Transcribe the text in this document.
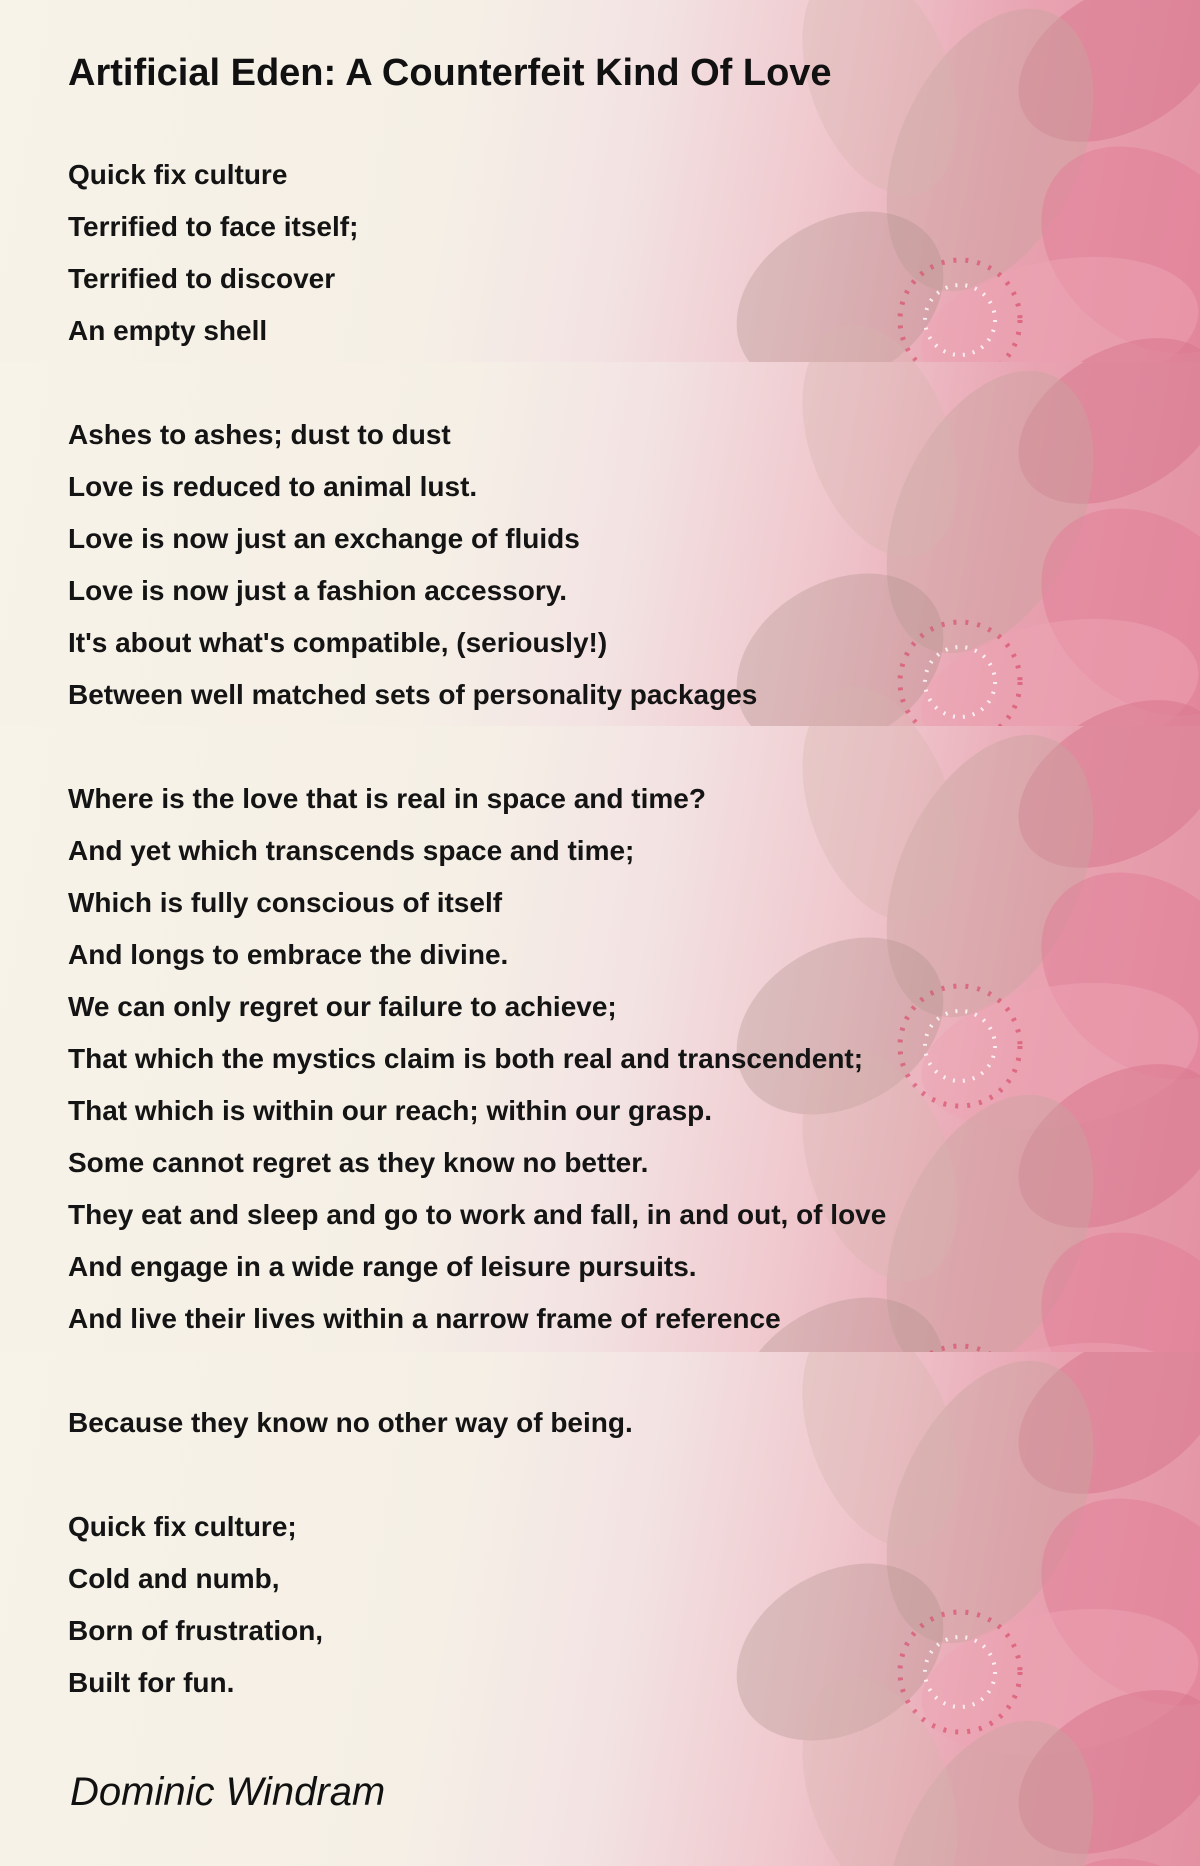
Artificial Eden: A Counterfeit Kind Of Love

Quick fix culture

Terrified to face itself;

Terrified to discover

An empty shell

Ashes to ashes; dust to dust

Love is reduced to animal lust.

Love is now just an exchange of fluids

Love is now just a fashion accessory.

It's about what's compatible, (seriously!)

Between well matched sets of personality packages

Where is the love that is real in space and time?

And yet which transcends space and time;

Which is fully conscious of itself

And longs to embrace the divine.

We can only regret our failure to achieve;

That which the mystics claim is both real and transcendent;

That which is within our reach; within our grasp.

Some cannot regret as they know no better.

They eat and sleep and go to work and fall, in and out, of love

And engage in a wide range of leisure pursuits.

And live their lives within a narrow frame of reference

Because they know no other way of being.

Quick fix culture;

Cold and numb,

Born of frustration,

Built for fun.

Dominic Windram
